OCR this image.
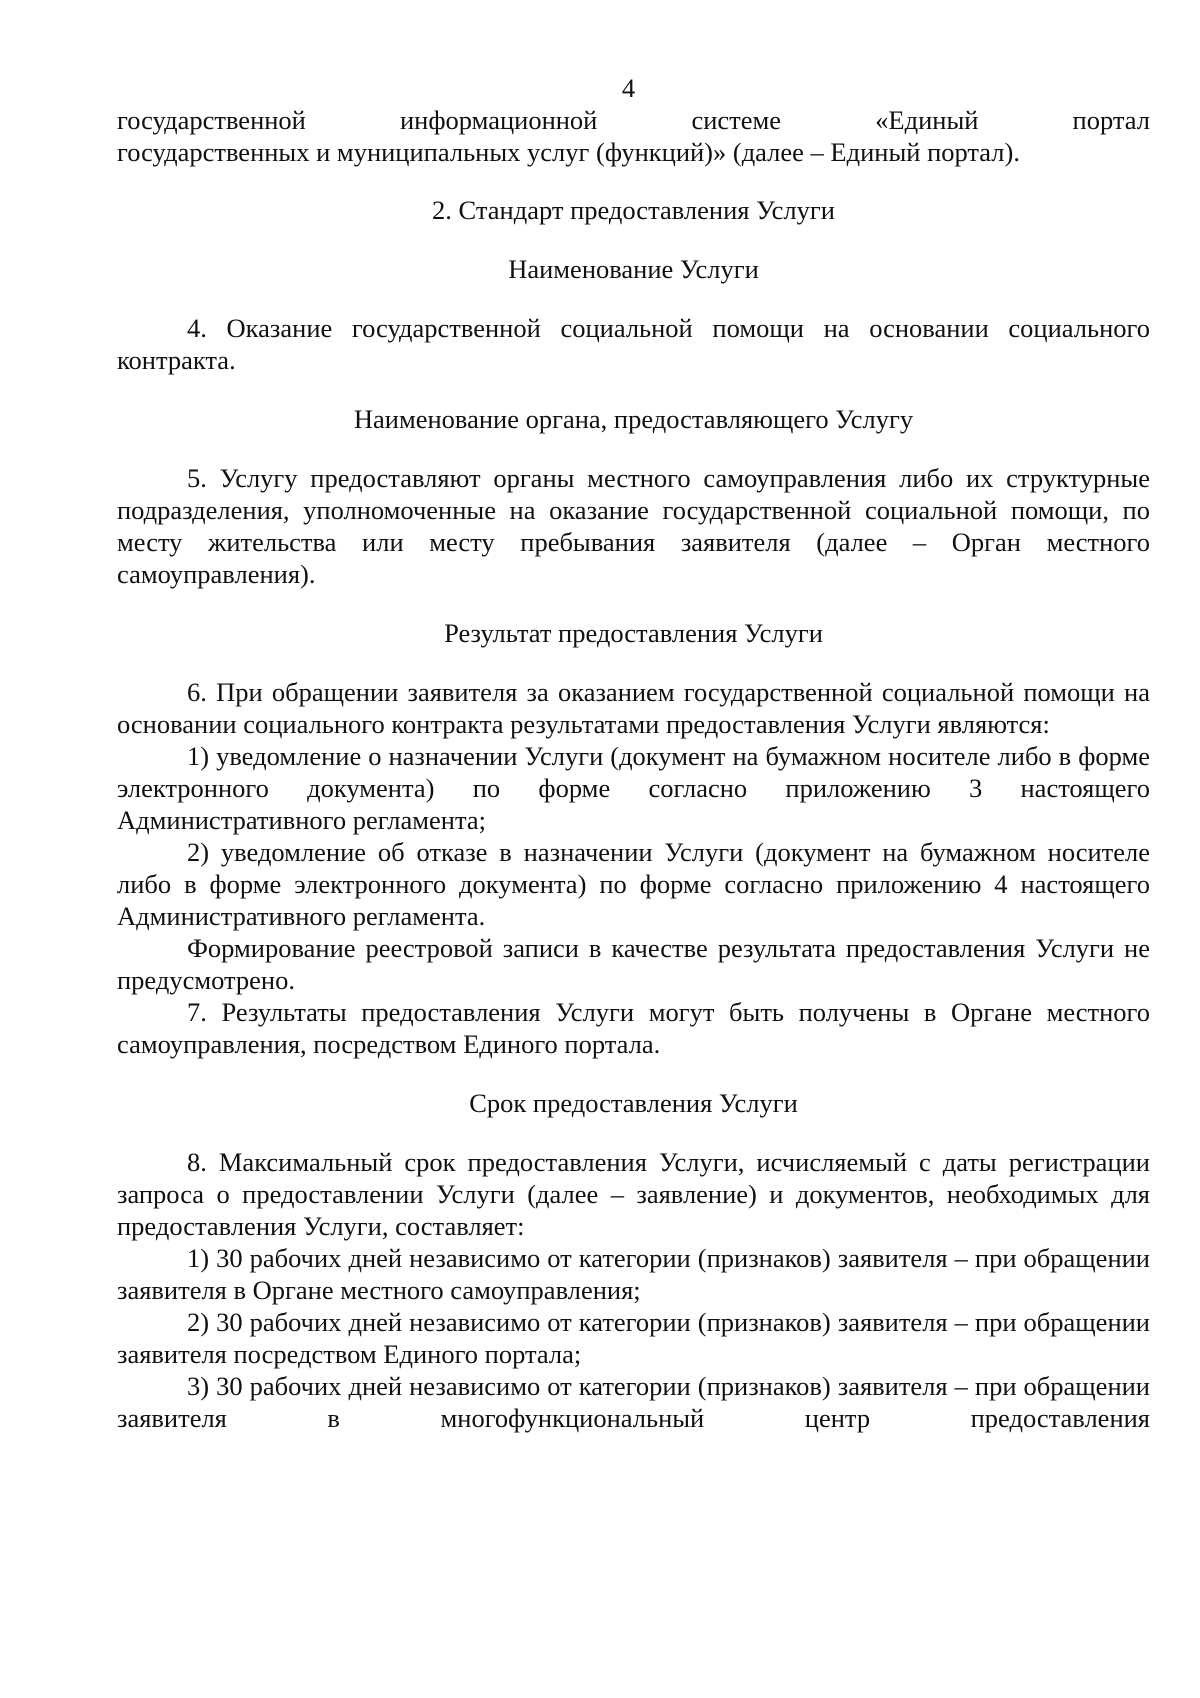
4

государственной информационной системе «Единый портал

государственных и муниципальных услуг (функций)» (далее – Единый портал).

2. Стандарт предоставления Услуги
Наименование Услуги

4. Оказание государственной социальной помощи на основании социального контракта.

Наименование органа, предоставляющего Услугу

5. Услугу предоставляют органы местного самоуправления либо их структурные подразделения, уполномоченные на оказание государственной социальной помощи, по месту жительства или месту пребывания заявителя (далее – Орган местного самоуправления).

Результат предоставления Услуги

6. При обращении заявителя за оказанием государственной социальной помощи на основании социального контракта результатами предоставления Услуги являются:

1) уведомление о назначении Услуги (документ на бумажном носителе либо в форме электронного документа) по форме согласно приложению 3 настоящего Административного регламента;

2) уведомление об отказе в назначении Услуги (документ на бумажном носителе либо в форме электронного документа) по форме согласно приложению 4 настоящего Административного регламента.

Формирование реестровой записи в качестве результата предоставления Услуги не предусмотрено.

7. Результаты предоставления Услуги могут быть получены в Органе местного самоуправления, посредством Единого портала.

Срок предоставления Услуги

8. Максимальный срок предоставления Услуги, исчисляемый с даты регистрации запроса о предоставлении Услуги (далее – заявление) и документов, необходимых для предоставления Услуги, составляет:

1) 30 рабочих дней независимо от категории (признаков) заявителя – при обращении заявителя в Органе местного самоуправления;

2) 30 рабочих дней независимо от категории (признаков) заявителя – при обращении заявителя посредством Единого портала;

3) 30 рабочих дней независимо от категории (признаков) заявителя – при обращении заявителя в многофункциональный центр предоставления
